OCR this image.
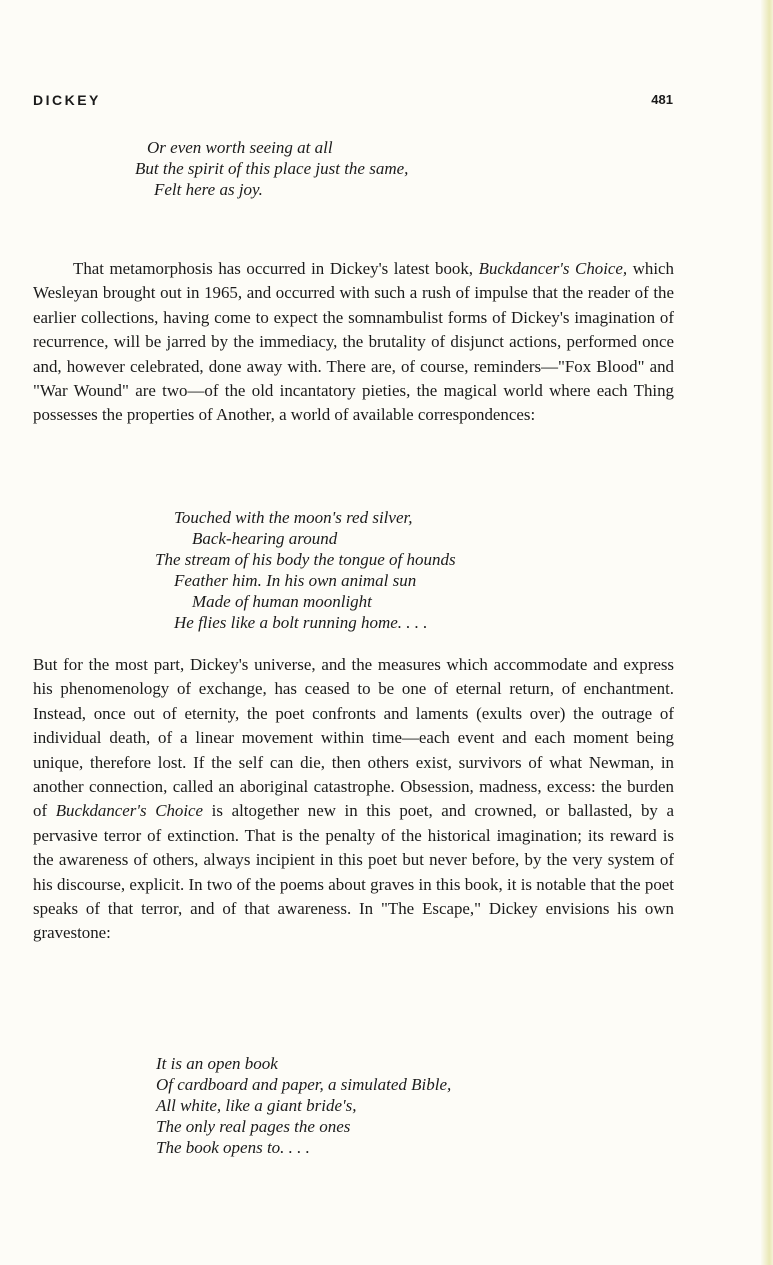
DICKEY	481
Or even worth seeing at all
But the spirit of this place just the same,
Felt here as joy.

That metamorphosis has occurred in Dickey's latest book, Buckdancer's Choice, which Wesleyan brought out in 1965, and occurred with such a rush of impulse that the reader of the earlier collections, having come to expect the somnambulist forms of Dickey's imagination of recurrence, will be jarred by the immediacy, the brutality of disjunct actions, performed once and, however celebrated, done away with. There are, of course, reminders—"Fox Blood" and "War Wound" are two—of the old incantatory pieties, the magical world where each Thing possesses the properties of Another, a world of available correspondences:

Touched with the moon's red silver,
Back-hearing around
The stream of his body the tongue of hounds
Feather him. In his own animal sun
Made of human moonlight
He flies like a bolt running home. . . .

But for the most part, Dickey's universe, and the measures which accommodate and express his phenomenology of exchange, has ceased to be one of eternal return, of enchantment. Instead, once out of eternity, the poet confronts and laments (exults over) the outrage of individual death, of a linear movement within time—each event and each moment being unique, therefore lost. If the self can die, then others exist, survivors of what Newman, in another connection, called an aboriginal catastrophe. Obsession, madness, excess: the burden of Buckdancer's Choice is altogether new in this poet, and crowned, or ballasted, by a pervasive terror of extinction. That is the penalty of the historical imagination; its reward is the awareness of others, always incipient in this poet but never before, by the very system of his discourse, explicit. In two of the poems about graves in this book, it is notable that the poet speaks of that terror, and of that awareness. In "The Escape," Dickey envisions his own gravestone:

It is an open book
Of cardboard and paper, a simulated Bible,
All white, like a giant bride's,
The only real pages the ones
The book opens to. . . .
